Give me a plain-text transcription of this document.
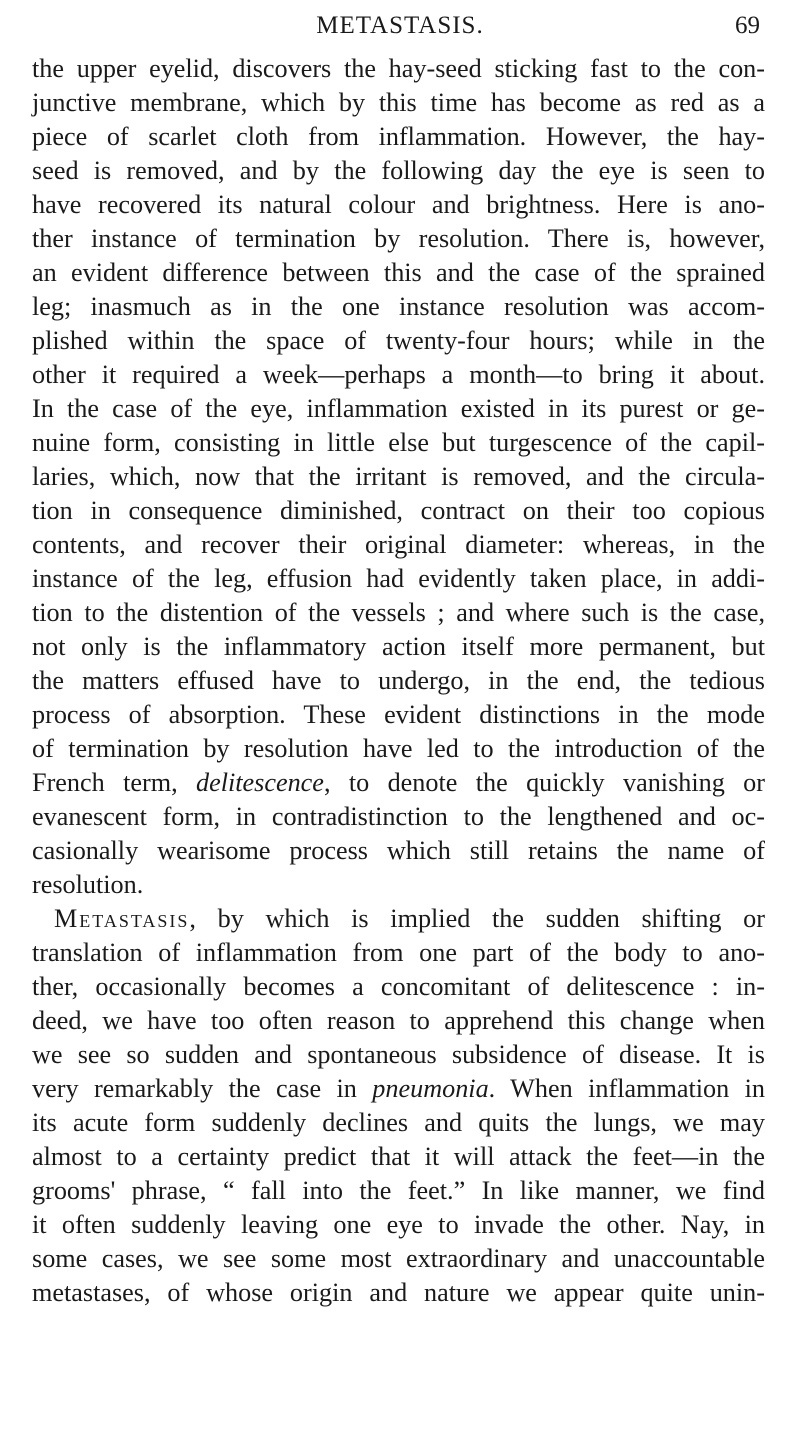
METASTASIS.	69
the upper eyelid, discovers the hay-seed sticking fast to the con-
junctive membrane, which by this time has become as red as a
piece of scarlet cloth from inflammation. However, the hay-
seed is removed, and by the following day the eye is seen to
have recovered its natural colour and brightness. Here is ano-
ther instance of termination by resolution. There is, however,
an evident difference between this and the case of the sprained
leg; inasmuch as in the one instance resolution was accom-
plished within the space of twenty-four hours; while in the
other it required a week—perhaps a month—to bring it about.
In the case of the eye, inflammation existed in its purest or ge-
nuine form, consisting in little else but turgescence of the capil-
laries, which, now that the irritant is removed, and the circula-
tion in consequence diminished, contract on their too copious
contents, and recover their original diameter: whereas, in the
instance of the leg, effusion had evidently taken place, in addi-
tion to the distention of the vessels ; and where such is the case,
not only is the inflammatory action itself more permanent, but
the matters effused have to undergo, in the end, the tedious
process of absorption. These evident distinctions in the mode
of termination by resolution have led to the introduction of the
French term, delitescence, to denote the quickly vanishing or
evanescent form, in contradistinction to the lengthened and oc-
casionally wearisome process which still retains the name of
resolution.
Metastasis, by which is implied the sudden shifting or
translation of inflammation from one part of the body to ano-
ther, occasionally becomes a concomitant of delitescence : in-
deed, we have too often reason to apprehend this change when
we see so sudden and spontaneous subsidence of disease. It is
very remarkably the case in pneumonia. When inflammation in
its acute form suddenly declines and quits the lungs, we may
almost to a certainty predict that it will attack the feet—in the
grooms' phrase, “ fall into the feet.” In like manner, we find
it often suddenly leaving one eye to invade the other. Nay, in
some cases, we see some most extraordinary and unaccountable
metastases, of whose origin and nature we appear quite unin-
